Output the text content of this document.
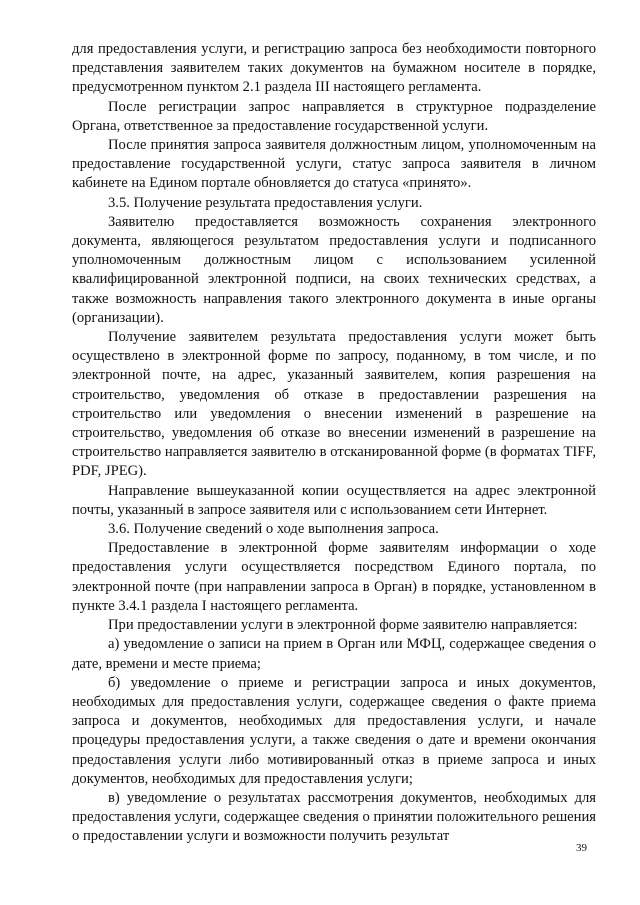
для предоставления услуги, и регистрацию запроса без необходимости повторного представления заявителем таких документов на бумажном носителе в порядке, предусмотренном пунктом 2.1 раздела III настоящего регламента.

После регистрации запрос направляется в структурное подразделение Органа, ответственное за предоставление государственной услуги.

После принятия запроса заявителя должностным лицом, уполномоченным на предоставление государственной услуги, статус запроса заявителя в личном кабинете на Едином портале обновляется до статуса «принято».

3.5. Получение результата предоставления услуги.

Заявителю предоставляется возможность сохранения электронного документа, являющегося результатом предоставления услуги и подписанного уполномоченным должностным лицом с использованием усиленной квалифицированной электронной подписи, на своих технических средствах, а также возможность направления такого электронного документа в иные органы (организации).

Получение заявителем результата предоставления услуги может быть осуществлено в электронной форме по запросу, поданному, в том числе, и по электронной почте, на адрес, указанный заявителем, копия разрешения на строительство, уведомления об отказе в предоставлении разрешения на строительство или уведомления о внесении изменений в разрешение на строительство, уведомления об отказе во внесении изменений в разрешение на строительство направляется заявителю в отсканированной форме (в форматах TIFF, PDF, JPEG).

Направление вышеуказанной копии осуществляется на адрес электронной почты, указанный в запросе заявителя или с использованием сети Интернет.

3.6. Получение сведений о ходе выполнения запроса.

Предоставление в электронной форме заявителям информации о ходе предоставления услуги осуществляется посредством Единого портала, по электронной почте (при направлении запроса в Орган) в порядке, установленном в пункте 3.4.1 раздела I настоящего регламента.

При предоставлении услуги в электронной форме заявителю направляется:

а) уведомление о записи на прием в Орган или МФЦ, содержащее сведения о дате, времени и месте приема;

б) уведомление о приеме и регистрации запроса и иных документов, необходимых для предоставления услуги, содержащее сведения о факте приема запроса и документов, необходимых для предоставления услуги, и начале процедуры предоставления услуги, а также сведения о дате и времени окончания предоставления услуги либо мотивированный отказ в приеме запроса и иных документов, необходимых для предоставления услуги;

в) уведомление о результатах рассмотрения документов, необходимых для предоставления услуги, содержащее сведения о принятии положительного решения о предоставлении услуги и возможности получить результат

39
